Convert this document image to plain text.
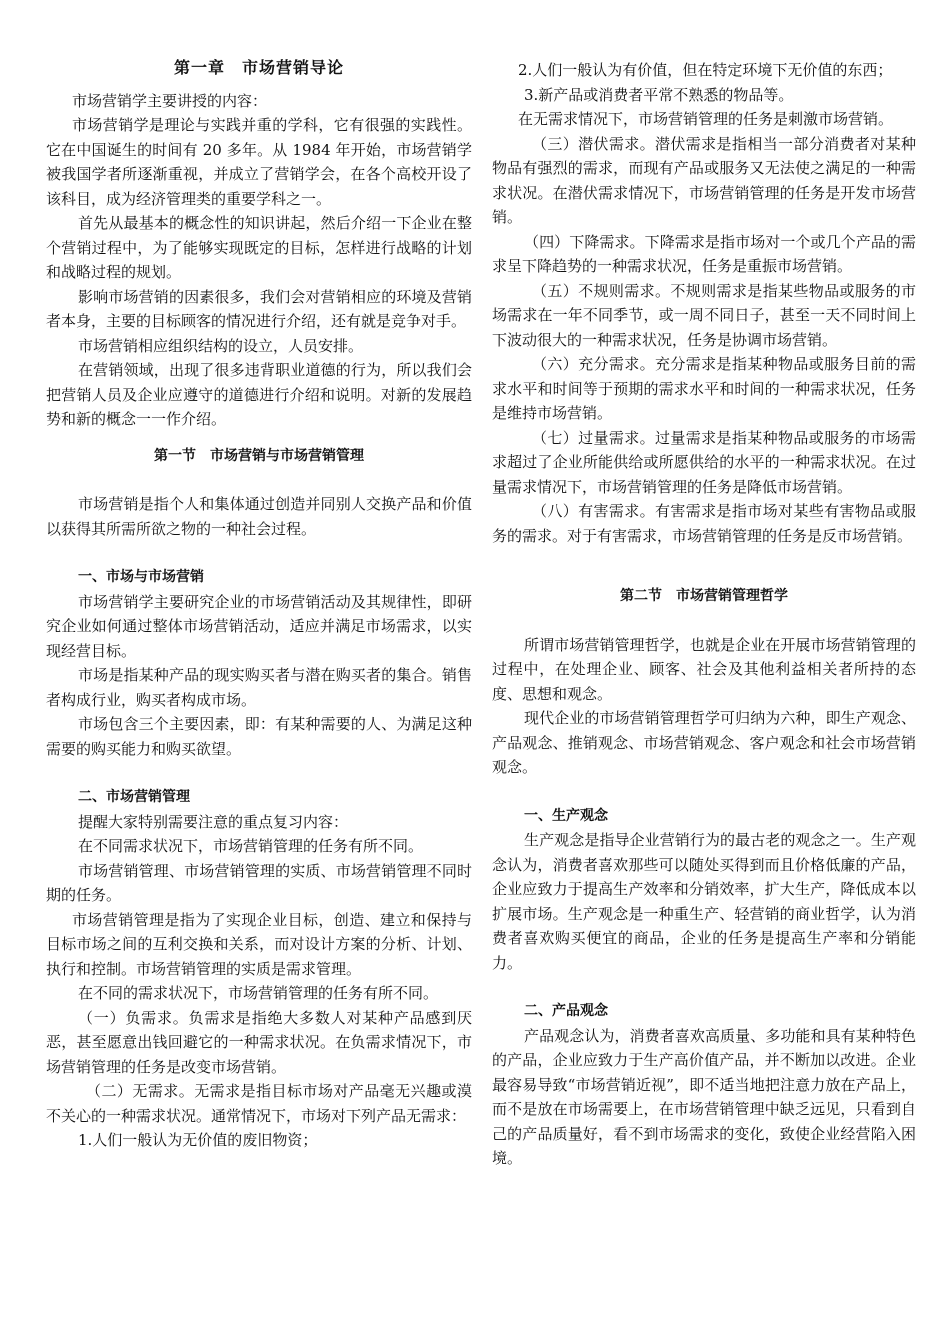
第一章　市场营销导论

市场营销学主要讲授的内容：

市场营销学是理论与实践并重的学科，它有很强的实践性。它在中国诞生的时间有 20 多年。从 1984 年开始，市场营销学被我国学者所逐渐重视，并成立了营销学会，在各个高校开设了该科目，成为经济管理类的重要学科之一。

首先从最基本的概念性的知识讲起，然后介绍一下企业在整个营销过程中，为了能够实现既定的目标，怎样进行战略的计划和战略过程的规划。

影响市场营销的因素很多，我们会对营销相应的环境及营销者本身，主要的目标顾客的情况进行介绍，还有就是竞争对手。

市场营销相应组织结构的设立，人员安排。

在营销领域，出现了很多违背职业道德的行为，所以我们会把营销人员及企业应遵守的道德进行介绍和说明。对新的发展趋势和新的概念一一作介绍。

第一节　市场营销与市场营销管理

市场营销是指个人和集体通过创造并同别人交换产品和价值以获得其所需所欲之物的一种社会过程。

一、市场与市场营销

市场营销学主要研究企业的市场营销活动及其规律性，即研究企业如何通过整体市场营销活动，适应并满足市场需求，以实现经营目标。

市场是指某种产品的现实购买者与潜在购买者的集合。销售者构成行业，购买者构成市场。

市场包含三个主要因素，即：有某种需要的人、为满足这种需要的购买能力和购买欲望。

二、市场营销管理

提醒大家特别需要注意的重点复习内容：

在不同需求状况下，市场营销管理的任务有所不同。

市场营销管理、市场营销管理的实质、市场营销管理不同时期的任务。

市场营销管理是指为了实现企业目标，创造、建立和保持与目标市场之间的互利交换和关系，而对设计方案的分析、计划、执行和控制。市场营销管理的实质是需求管理。

在不同的需求状况下，市场营销管理的任务有所不同。

（一）负需求。负需求是指绝大多数人对某种产品感到厌恶，甚至愿意出钱回避它的一种需求状况。在负需求情况下，市场营销管理的任务是改变市场营销。

（二）无需求。无需求是指目标市场对产品毫无兴趣或漠不关心的一种需求状况。通常情况下，市场对下列产品无需求：

1.人们一般认为无价值的废旧物资；

2.人们一般认为有价值，但在特定环境下无价值的东西；

3.新产品或消费者平常不熟悉的物品等。

在无需求情况下，市场营销管理的任务是刺激市场营销。

（三）潜伏需求。潜伏需求是指相当一部分消费者对某种物品有强烈的需求，而现有产品或服务又无法使之满足的一种需求状况。在潜伏需求情况下，市场营销管理的任务是开发市场营销。

（四）下降需求。下降需求是指市场对一个或几个产品的需求呈下降趋势的一种需求状况，任务是重振市场营销。

（五）不规则需求。不规则需求是指某些物品或服务的市场需求在一年不同季节，或一周不同日子，甚至一天不同时间上下波动很大的一种需求状况，任务是协调市场营销。

（六）充分需求。充分需求是指某种物品或服务目前的需求水平和时间等于预期的需求水平和时间的一种需求状况，任务是维持市场营销。

（七）过量需求。过量需求是指某种物品或服务的市场需求超过了企业所能供给或所愿供给的水平的一种需求状况。在过量需求情况下，市场营销管理的任务是降低市场营销。

（八）有害需求。有害需求是指市场对某些有害物品或服务的需求。对于有害需求，市场营销管理的任务是反市场营销。

第二节　市场营销管理哲学

所谓市场营销管理哲学，也就是企业在开展市场营销管理的过程中，在处理企业、顾客、社会及其他利益相关者所持的态度、思想和观念。

现代企业的市场营销管理哲学可归纳为六种，即生产观念、产品观念、推销观念、市场营销观念、客户观念和社会市场营销观念。

一、生产观念

生产观念是指导企业营销行为的最古老的观念之一。生产观念认为，消费者喜欢那些可以随处买得到而且价格低廉的产品，企业应致力于提高生产效率和分销效率，扩大生产，降低成本以扩展市场。生产观念是一种重生产、轻营销的商业哲学，认为消费者喜欢购买便宜的商品，企业的任务是提高生产率和分销能力。

二、产品观念

产品观念认为，消费者喜欢高质量、多功能和具有某种特色的产品，企业应致力于生产高价值产品，并不断加以改进。企业最容易导致“市场营销近视”，即不适当地把注意力放在产品上，而不是放在市场需要上，在市场营销管理中缺乏远见，只看到自己的产品质量好，看不到市场需求的变化，致使企业经营陷入困境。
